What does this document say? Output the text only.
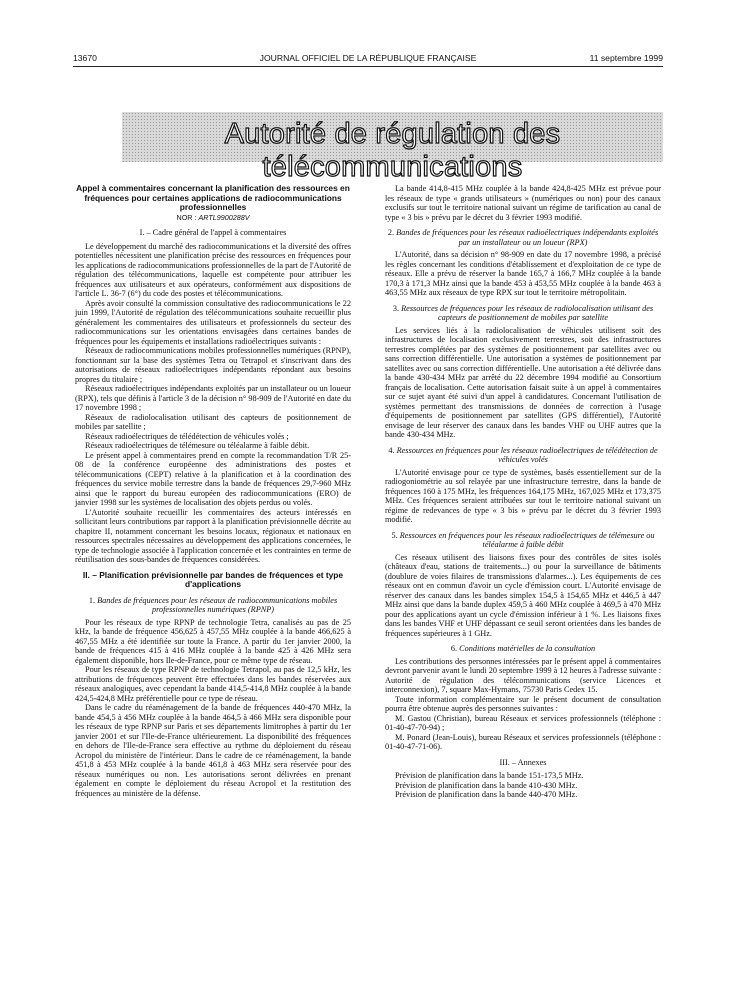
13670	JOURNAL OFFICIEL DE LA RÉPUBLIQUE FRANÇAISE	11 septembre 1999
Autorité de régulation des télécommunications

Appel à commentaires concernant la planification des ressources en fréquences pour certaines applications de radiocommunications professionnelles

NOR : ARTL9900288V

I. – Cadre général de l'appel à commentaires

Le développement du marché des radiocommunications et la diversité des offres potentielles nécessitent une planification précise des ressources en fréquences pour les applications de radiocommunications professionnelles de la part de l'Autorité de régulation des télécommunications, laquelle est compétente pour attribuer les fréquences aux utilisateurs et aux opérateurs, conformément aux dispositions de l'article L. 36-7 (6°) du code des postes et télécommunications.

Après avoir consulté la commission consultative des radiocommunications le 22 juin 1999, l'Autorité de régulation des télécommunications souhaite recueillir plus généralement les commentaires des utilisateurs et professionnels du secteur des radiocommunications sur les orientations envisagées dans certaines bandes de fréquences pour les équipements et installations radioélectriques suivants :

Réseaux de radiocommunications mobiles professionnelles numériques (RPNP), fonctionnant sur la base des systèmes Tetra ou Tetrapol et s'inscrivant dans des autorisations de réseaux radioélectriques indépendants répondant aux besoins propres du titulaire ;

Réseaux radioélectriques indépendants exploités par un installateur ou un loueur (RPX), tels que définis à l'article 3 de la décision n° 98-909 de l'Autorité en date du 17 novembre 1998 ;

Réseaux de radiolocalisation utilisant des capteurs de positionnement de mobiles par satellite ;

Réseaux radioélectriques de télédétection de véhicules volés ;

Réseaux radioélectriques de télémesure ou téléalarme à faible débit.

Le présent appel à commentaires prend en compte la recommandation T/R 25-08 de la conférence européenne des administrations des postes et télécommunications (CEPT) relative à la planification et à la coordination des fréquences du service mobile terrestre dans la bande de fréquences 29,7-960 MHz ainsi que le rapport du bureau européen des radiocommunications (ERO) de janvier 1998 sur les systèmes de localisation des objets perdus ou volés.

L'Autorité souhaite recueillir les commentaires des acteurs intéressés en sollicitant leurs contributions par rapport à la planification prévisionnelle décrite au chapitre II, notamment concernant les besoins locaux, régionaux et nationaux en ressources spectrales nécessaires au développement des applications concernées, le type de technologie associée à l'application concernée et les contraintes en terme de réutilisation des sous-bandes de fréquences considérées.

II. – Planification prévisionnelle par bandes de fréquences et type d'applications
1. Bandes de fréquences pour les réseaux de radiocommunications mobiles professionnelles numériques (RPNP)

Pour les réseaux de type RPNP de technologie Tetra, canalisés au pas de 25 kHz, la bande de fréquence 456,625 à 457,55 MHz couplée à la bande 466,625 à 467,55 MHz a été identifiée sur toute la France. A partir du 1er janvier 2000, la bande de fréquences 415 à 416 MHz couplée à la bande 425 à 426 MHz sera également disponible, hors Ile-de-France, pour ce même type de réseau.

Pour les réseaux de type RPNP de technologie Tetrapol, au pas de 12,5 kHz, les attributions de fréquences peuvent être effectuées dans les bandes réservées aux réseaux analogiques, avec cependant la bande 414,5-414,8 MHz couplée à la bande 424,5-424,8 MHz préférentielle pour ce type de réseau.

Dans le cadre du réaménagement de la bande de fréquences 440-470 MHz, la bande 454,5 à 456 MHz couplée à la bande 464,5 à 466 MHz sera disponible pour les réseaux de type RPNP sur Paris et ses départements limitrophes à partir du 1er janvier 2001 et sur l'Ile-de-France ultérieurement. La disponibilité des fréquences en dehors de l'Ile-de-France sera effective au rythme du déploiement du réseau Acropol du ministère de l'intérieur. Dans le cadre de ce réaménagement, la bande 451,8 à 453 MHz couplée à la bande 461,8 à 463 MHz sera réservée pour des réseaux numériques ou non. Les autorisations seront délivrées en prenant également en compte le déploiement du réseau Acropol et la restitution des fréquences au ministère de la défense.

La bande 414,8-415 MHz couplée à la bande 424,8-425 MHz est prévue pour les réseaux de type « grands utilisateurs » (numériques ou non) pour des canaux exclusifs sur tout le territoire national suivant un régime de tarification au canal de type « 3 bis » prévu par le décret du 3 février 1993 modifié.

2. Bandes de fréquences pour les réseaux radioélectriques indépendants exploités par un installateur ou un loueur (RPX)

L'Autorité, dans sa décision n° 98-909 en date du 17 novembre 1998, a précisé les règles concernant les conditions d'établissement et d'exploitation de ce type de réseaux. Elle a prévu de réserver la bande 165,7 à 166,7 MHz couplée à la bande 170,3 à 171,3 MHz ainsi que la bande 453 à 453,55 MHz couplée à la bande 463 à 463,55 MHz aux réseaux de type RPX sur tout le territoire métropolitain.

3. Ressources de fréquences pour les réseaux de radiolocalisation utilisant des capteurs de positionnement de mobiles par satellite

Les services liés à la radiolocalisation de véhicules utilisent soit des infrastructures de localisation exclusivement terrestres, soit des infrastructures terrestres complétées par des systèmes de positionnement par satellites avec ou sans correction différentielle. Une autorisation a systèmes de positionnement par satellites avec ou sans correction différentielle. Une autorisation a été délivrée dans la bande 430-434 MHz par arrêté du 22 décembre 1994 modifié au Consortium français de localisation. Cette autorisation faisait suite à un appel à commentaires sur ce sujet ayant été suivi d'un appel à candidatures. Concernant l'utilisation de systèmes permettant des transmissions de données de correction à l'usage d'équipements de positionnement par satellites (GPS différentiel), l'Autorité envisage de leur réserver des canaux dans les bandes VHF ou UHF autres que la bande 430-434 MHz.

4. Ressources en fréquences pour les réseaux radioélectriques de télédétection de véhicules volés

L'Autorité envisage pour ce type de systèmes, basés essentiellement sur de la radiogoniométrie au sol relayée par une infrastructure terrestre, dans la bande de fréquences 160 à 175 MHz, les fréquences 164,175 MHz, 167,025 MHz et 173,375 MHz. Ces fréquences seraient attribuées sur tout le territoire national suivant un régime de redevances de type « 3 bis » prévu par le décret du 3 février 1993 modifié.

5. Ressources en fréquences pour les réseaux radioélectriques de télémesure ou téléalarme à faible débit

Ces réseaux utilisent des liaisons fixes pour des contrôles de sites isolés (châteaux d'eau, stations de traitements...) ou pour la surveillance de bâtiments (doublure de voies filaires de transmissions d'alarmes...). Les équipements de ces réseaux ont en commun d'avoir un cycle d'émission court. L'Autorité envisage de réserver des canaux dans les bandes simplex 154,5 à 154,65 MHz et 446,5 à 447 MHz ainsi que dans la bande duplex 459,5 à 460 MHz couplée à 469,5 à 470 MHz pour des applications ayant un cycle d'émission inférieur à 1 %. Les liaisons fixes dans les bandes VHF et UHF dépassant ce seuil seront orientées dans les bandes de fréquences supérieures à 1 GHz.

6. Conditions matérielles de la consultation

Les contributions des personnes intéressées par le présent appel à commentaires devront parvenir avant le lundi 20 septembre 1999 à 12 heures à l'adresse suivante : Autorité de régulation des télécommunications (service Licences et interconnexion), 7, square Max-Hymans, 75730 Paris Cedex 15.

Toute information complémentaire sur le présent document de consultation pourra être obtenue auprès des personnes suivantes :

M. Gastou (Christian), bureau Réseaux et services professionnels (téléphone : 01-40-47-70-94) ;

M. Ponard (Jean-Louis), bureau Réseaux et services professionnels (téléphone : 01-40-47-71-06).

III. – Annexes

Prévision de planification dans la bande 151-173,5 MHz.

Prévision de planification dans la bande 410-430 MHz.

Prévision de planification dans la bande 440-470 MHz.
